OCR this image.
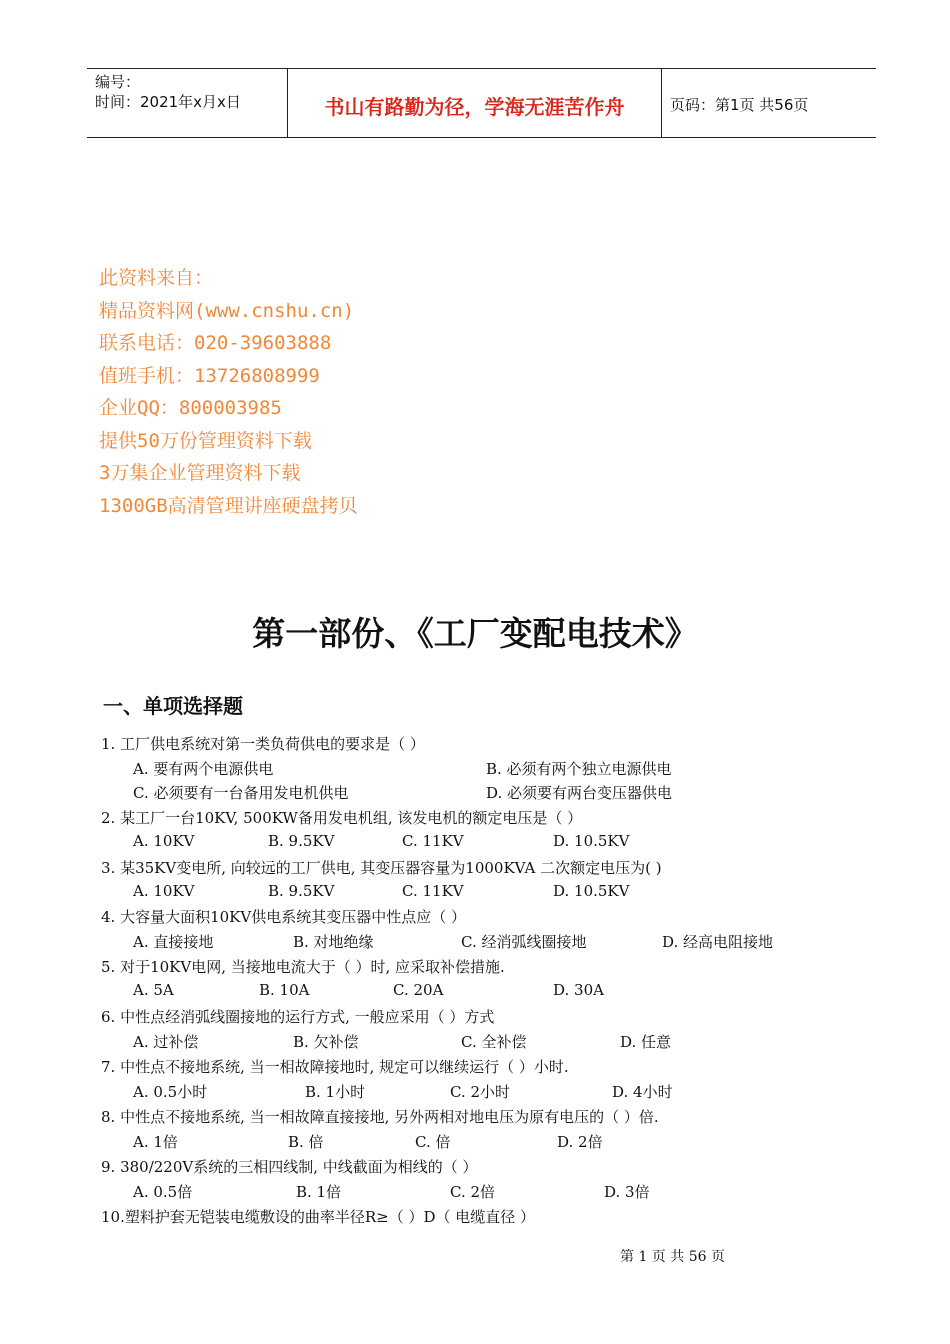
编号：
时间：2021年x月x日	书山有路勤为径，学海无涯苦作舟	页码：第1页 共56页
此资料来自：
精品资料网(www.cnshu.cn)
联系电话：020-39603888
值班手机：13726808999
企业QQ：800003985
提供50万份管理资料下载
3万集企业管理资料下载
1300GB高清管理讲座硬盘拷贝
第一部份、《工厂变配电技术》
一、单项选择题
1. 工厂供电系统对第一类负荷供电的要求是（ ）
A. 要有两个电源供电	B. 必须有两个独立电源供电
C. 必须要有一台备用发电机供电	D. 必须要有两台变压器供电
2. 某工厂一台10KV, 500KW备用发电机组, 该发电机的额定电压是（ ）
A. 10KV	B. 9.5KV	C. 11KV	D. 10.5KV
3. 某35KV变电所, 向较远的工厂供电, 其变压器容量为1000KVA 二次额定电压为( )
A. 10KV	B. 9.5KV	C. 11KV	D. 10.5KV
4. 大容量大面积10KV供电系统其变压器中性点应（ ）
A. 直接接地	B. 对地绝缘	C. 经消弧线圈接地	D. 经高电阻接地
5. 对于10KV电网, 当接地电流大于（ ）时, 应采取补偿措施.
A. 5A	B. 10A	C. 20A	D. 30A
6. 中性点经消弧线圈接地的运行方式, 一般应采用（ ）方式
A. 过补偿	B. 欠补偿	C. 全补偿	D. 任意
7. 中性点不接地系统, 当一相故障接地时, 规定可以继续运行（ ）小时.
A. 0.5小时	B. 1小时	C. 2小时	D. 4小时
8. 中性点不接地系统, 当一相故障直接接地, 另外两相对地电压为原有电压的（ ）倍.
A. 1倍	B. 倍	C. 倍	D. 2倍
9. 380/220V系统的三相四线制, 中线截面为相线的（ ）
A. 0.5倍	B. 1倍	C. 2倍	D. 3倍
10.塑料护套无铠装电缆敷设的曲率半径R≥（ ）D（ 电缆直径 ）
第 1 页 共 56 页
